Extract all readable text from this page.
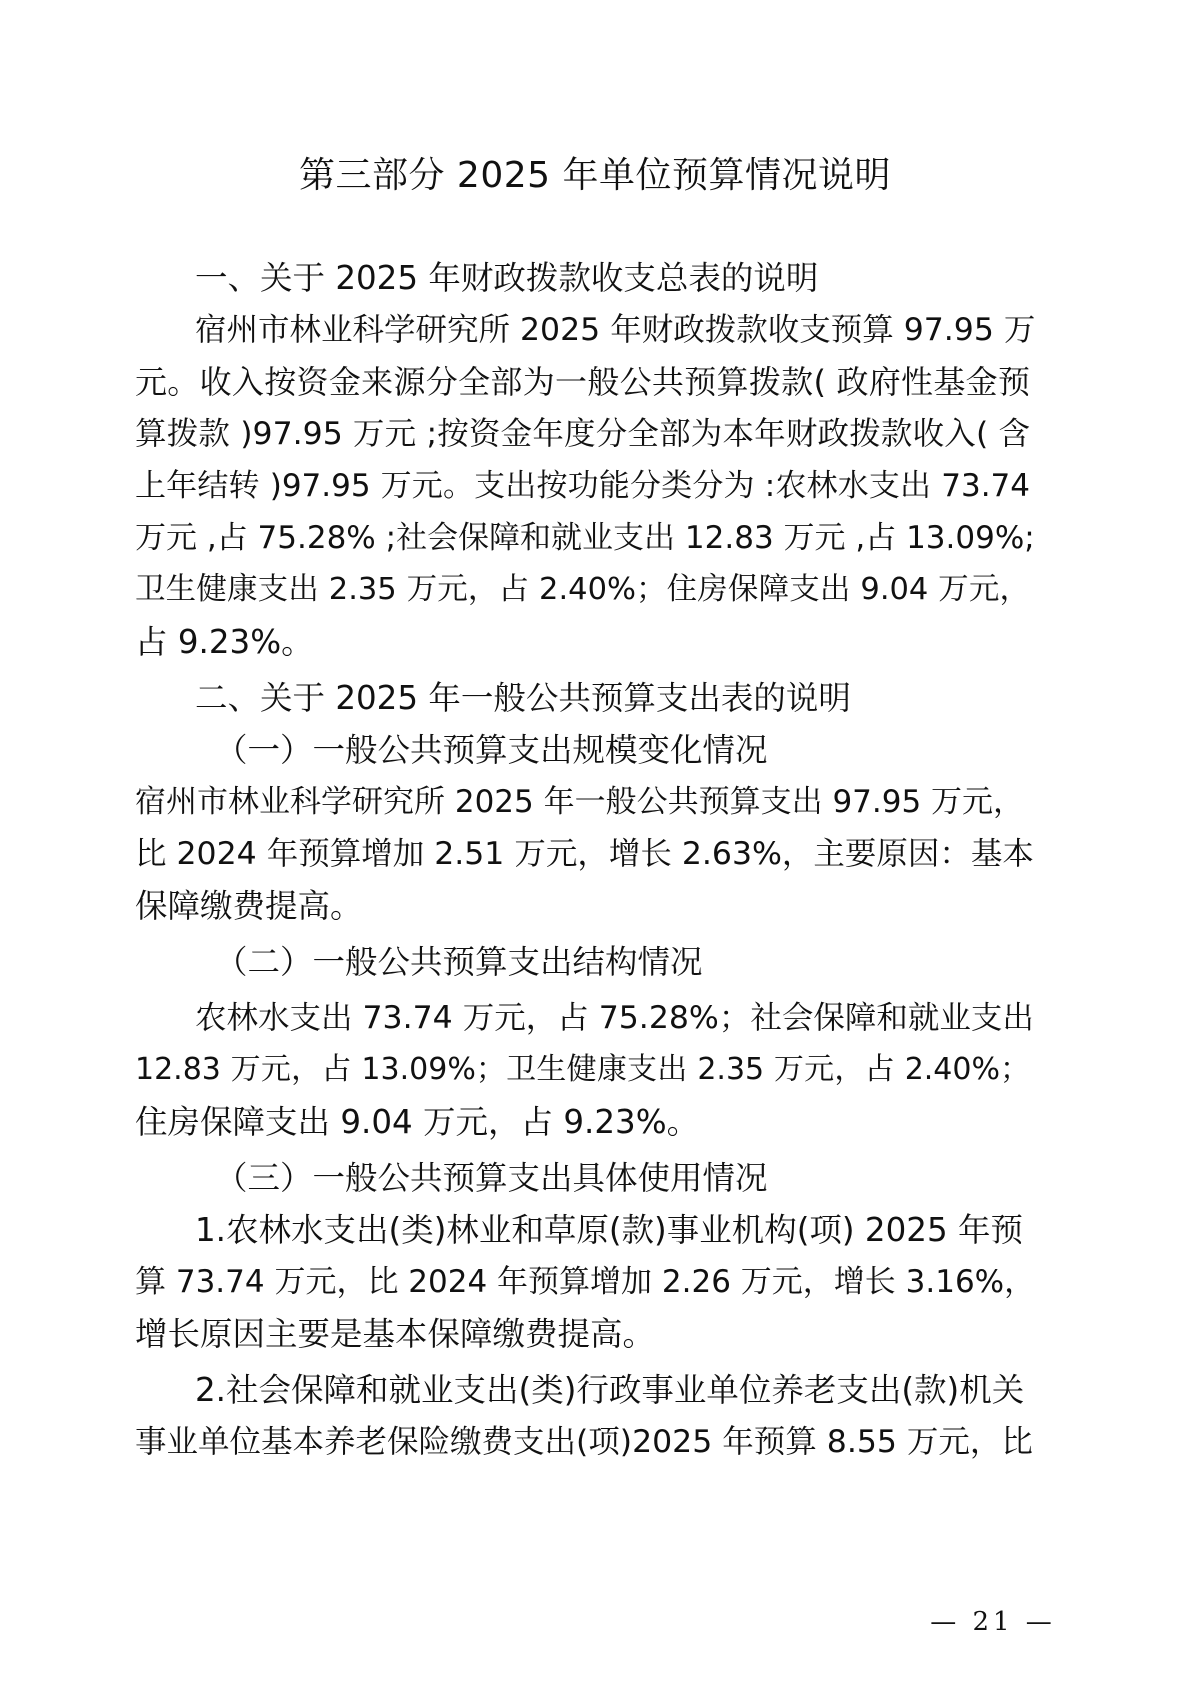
第三部分 2025 年单位预算情况说明
一、关于 2025 年财政拨款收支总表的说明
宿州市林业科学研究所 2025 年财政拨款收支预算 97.95 万
元。收入按资金来源分全部为一般公共预算拨款( 政府性基金预
算拨款 )97.95 万元 ;按资金年度分全部为本年财政拨款收入( 含
上年结转 )97.95 万元。支出按功能分类分为 :农林水支出 73.74
万元 ,占 75.28% ;社会保障和就业支出 12.83 万元 ,占 13.09%;
卫生健康支出 2.35 万元，占 2.40%；住房保障支出 9.04 万元，
占 9.23%。
二、关于 2025 年一般公共预算支出表的说明
（一）一般公共预算支出规模变化情况
宿州市林业科学研究所 2025 年一般公共预算支出 97.95 万元，
比 2024 年预算增加 2.51 万元，增长 2.63%，主要原因：基本
保障缴费提高。
（二）一般公共预算支出结构情况
农林水支出 73.74 万元，占 75.28%；社会保障和就业支出
12.83 万元，占 13.09%；卫生健康支出 2.35 万元，占 2.40%；
住房保障支出 9.04 万元，占 9.23%。
（三）一般公共预算支出具体使用情况
1.农林水支出(类)林业和草原(款)事业机构(项) 2025 年预
算 73.74 万元，比 2024 年预算增加 2.26 万元，增长 3.16%，
增长原因主要是基本保障缴费提高。
2.社会保障和就业支出(类)行政事业单位养老支出(款)机关
事业单位基本养老保险缴费支出(项)2025 年预算 8.55 万元，比
— 21 —
